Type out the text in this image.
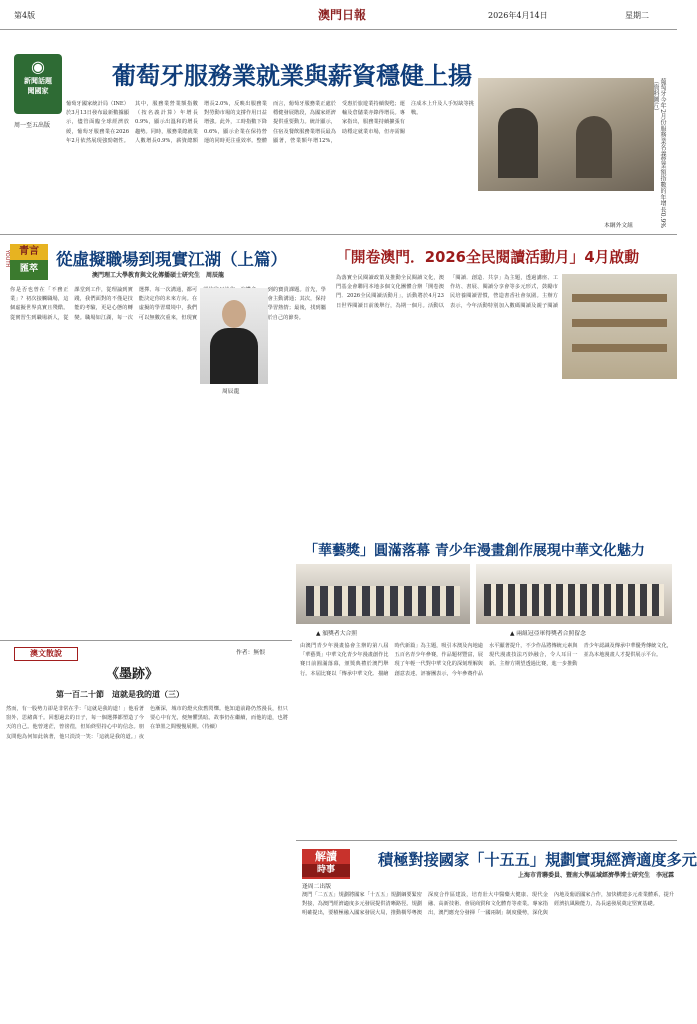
第4版	澳門日報	2026年4月14日	星期二
◉
新聞話題
聞國家
周一至五出版
葡萄牙服務業就業與薪資穩健上揚
葡萄牙國家統計局（INE）於3月13日發布最新數據顯示，儘管面臨全球經濟放緩，葡萄牙服務業在2026年2月依然展現強勁韌性。其中，服務業營業額指數（按名義計算）年增長0.9%，顯示出溫和的增長趨勢。同時，服務業總就業人數增長0.9%，薪資總額增長2.0%，反映出服務業對勞動市場的支撐作用日益增強。此外，工時指數下降0.6%，顯示企業在保持營運的同時更注重效率。整體而言，葡萄牙服務業正處於穩健發展階段，為國家經濟提供重要動力。統計顯示，住宿及餐飲服務業增長最為顯著，營業額年增12%，受惠於旅遊業持續復甦；運輸及倉儲業亦錄得增長。專家指出，服務業持續擴張有助穩定就業市場，但亦需關注成本上升及人手短缺等挑戰。	葡萄牙今年2月份服務業名義營業額指數的年增長0.9%（資料圖片）
本網外文組
青言
匯萃
YOUTH	從虛擬職場到現實江湖（上篇）
澳門理工大學教育與文化傳播碩士研究生　周辰龍
你是否也曾在「不務正業」？初次接觸職場，這個虛擬世界真實且殘酷。從實習生到職場新人，從課堂到工作，從理論到實踐，我們面對的不僅是技能的考驗，更是心態的轉變。職場如江湖，每一次選擇、每一次溝通，都可能決定你的未來方向。在虛擬的學習環境中，我們可以無數次重來，但現實 到的寶貴課題。首先，學會主動溝通；其次，保持學習熱情；最後，找到屬於自己的節奏。
周辰龍
「開卷澳門．2026全民閱讀活動月」4月啟動
為落實全民閱讀政策及推動全民閱讀文化，澳門基金會聯同本地多個文化團體合辦「開卷澳門．2026全民閱讀活動月」，活動將於4月23日世界閱讀日前後舉行，為期一個月。活動以「閱讀．創造．共享」為主題，透過講座、工作坊、書展、閱讀分享會等多元形式，鼓勵市民培養閱讀習慣，營造書香社會氛圍。主辦方表示，今年活動特別加入數碼閱讀及親子閱讀
「華藝獎」圓滿落幕 青少年漫畫創作展現中華文化魅力
▲ 頒獎者大合照	▲ 兩組冠亞軍得獎者合照留念
由澳門青少年漫畫協會主辦的第八屆「華藝獎」中華文化青少年漫畫創作比賽日前圓滿落幕，頒獎典禮於澳門舉行。本屆比賽以「傳承中華文化．描繪時代新篇」為主題，吸引本澳及內地逾五百名青少年參賽，作品題材豐富，展現了年輕一代對中華文化的深刻理解與創意表達。評審團表示，今年參賽作品水平顯著提升，不少作品將傳統元素與現代漫畫技法巧妙融合，令人耳目一新。主辦方期望透過比賽，進一步推動青少年認識及傳承中華優秀傳統文化，並為本地漫畫人才提供展示平台。
澳文散說
《墨跡》
作者：無恨
第一百二十節　這就是我的道（三）
然而，有一股勢力卻是非常在乎：「這就是我的道！」他看著窗外，思緒萬千。回想過去的日子，每一個選擇都塑造了今天的自己。他曾迷茫，曾徬徨，但始終堅持心中的信念。朋友問他為何如此執著，他只淡淡一笑：「這就是我的道。」夜色漸深，城市的燈火依舊閃爍。他知道前路仍然漫長，但只要心中有光，便無懼黑暗。故事仍在繼續，而他的道，也將在筆墨之間慢慢展開。（待續）
解讀
時事
積極對接國家「十五五」規劃實現經濟適度多元
上海市青聯委員、暨南大學區域經濟學博士研究生　李冠霖
逢周二出版
澳門「二五五」規劃將國家「十五五」規劃綱要緊密對接，為澳門經濟適度多元發展提供清晰路徑。規劃明確提出，要積極融入國家發展大局，推動橫琴粵澳深度合作區建設，培育壯大中醫藥大健康、現代金融、高新技術、會展商貿和文化體育等產業。專家指出，澳門應充分發揮「一國兩制」制度優勢，深化與內地及葡語國家合作，加快構建多元產業體系，提升經濟抗風險能力，為長遠發展奠定堅實基礎。
